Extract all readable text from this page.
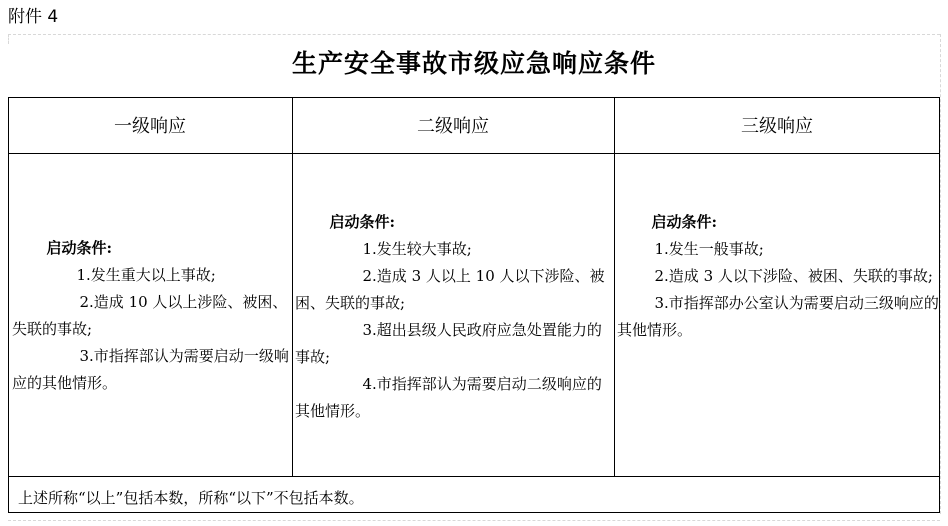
附件 4
生产安全事故市级应急响应条件
一级响应	二级响应	三级响应

启动条件:

1.发生重大以上事故;

2.造成 10 人以上涉险、被困、失联的事故;

3.市指挥部认为需要启动一级响应的其他情形。

启动条件:

1.发生较大事故;

2.造成 3 人以上 10 人以下涉险、被困、失联的事故;

3.超出县级人民政府应急处置能力的事故;

4.市指挥部认为需要启动二级响应的其他情形。

启动条件:

1.发生一般事故;

2.造成 3 人以下涉险、被困、失联的事故;

3.市指挥部办公室认为需要启动三级响应的其他情形。

上述所称“以上”包括本数，所称“以下”不包括本数。
